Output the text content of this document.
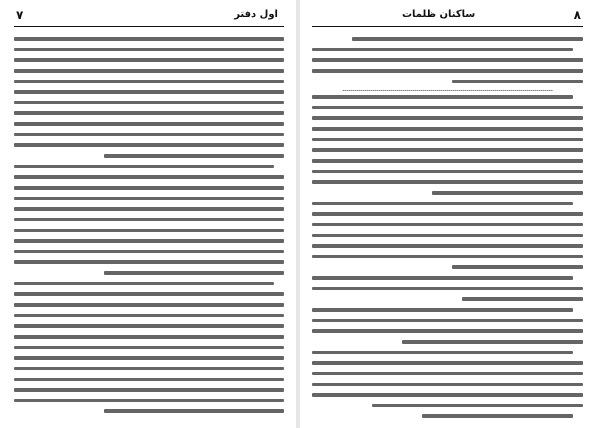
۷	اول دفتر	ساکنان ظلمات	۸
